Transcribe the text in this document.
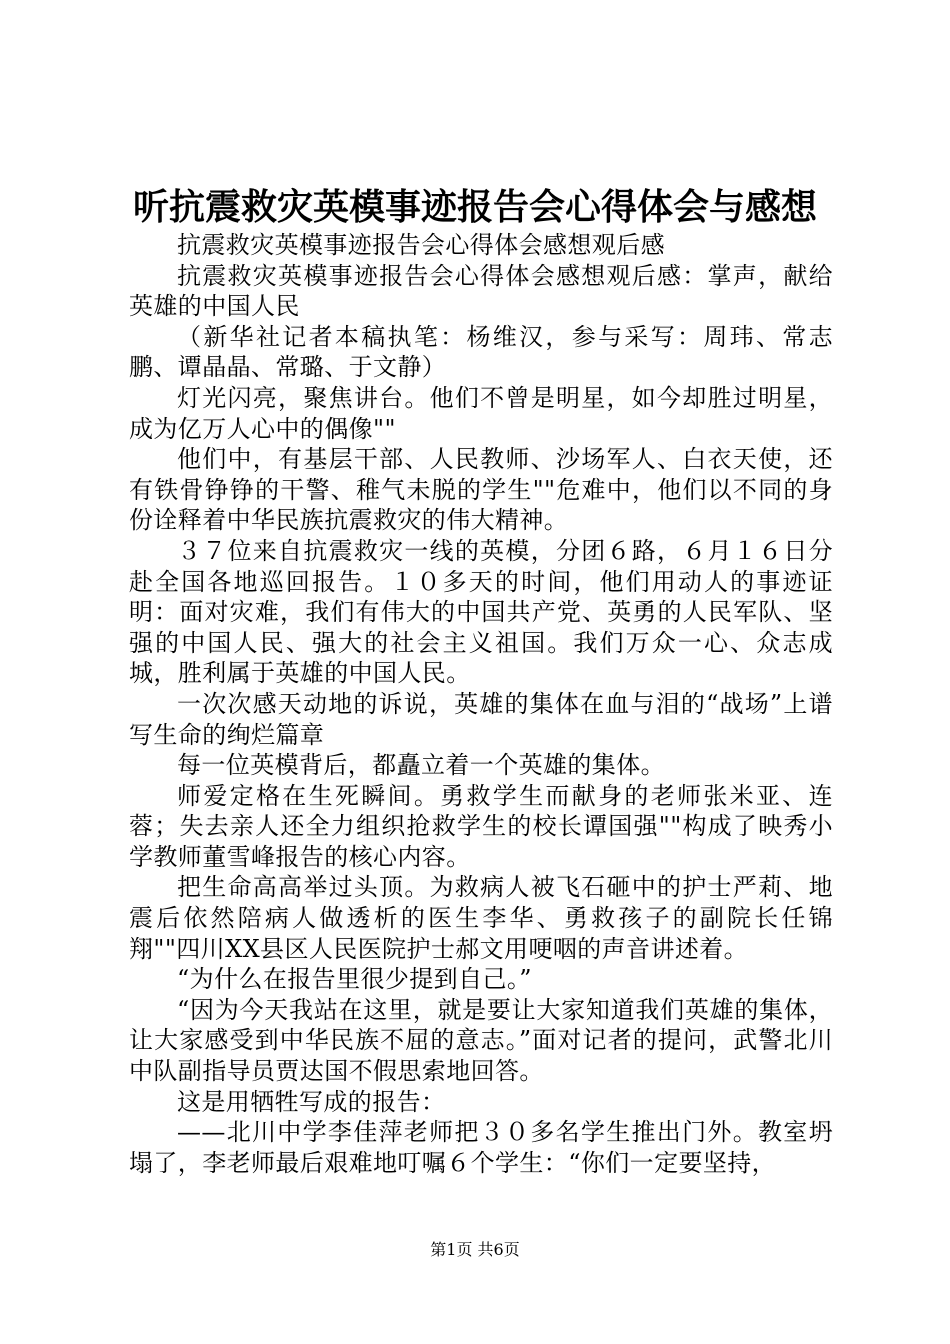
听抗震救灾英模事迹报告会心得体会与感想

抗震救灾英模事迹报告会心得体会感想观后感

抗震救灾英模事迹报告会心得体会感想观后感：掌声，献给英雄的中国人民

（新华社记者本稿执笔：杨维汉，参与采写：周玮、常志鹏、谭晶晶、常璐、于文静）

灯光闪亮，聚焦讲台。他们不曾是明星，如今却胜过明星，成为亿万人心中的偶像""

他们中，有基层干部、人民教师、沙场军人、白衣天使，还有铁骨铮铮的干警、稚气未脱的学生""危难中，他们以不同的身份诠释着中华民族抗震救灾的伟大精神。

３７位来自抗震救灾一线的英模，分团６路，６月１６日分赴全国各地巡回报告。１０多天的时间，他们用动人的事迹证明：面对灾难，我们有伟大的中国共产党、英勇的人民军队、坚强的中国人民、强大的社会主义祖国。我们万众一心、众志成城，胜利属于英雄的中国人民。

一次次感天动地的诉说，英雄的集体在血与泪的“战场”上谱写生命的绚烂篇章

每一位英模背后，都矗立着一个英雄的集体。

师爱定格在生死瞬间。勇救学生而献身的老师张米亚、连蓉；失去亲人还全力组织抢救学生的校长谭国强""构成了映秀小学教师董雪峰报告的核心内容。

把生命高高举过头顶。为救病人被飞石砸中的护士严莉、地震后依然陪病人做透析的医生李华、勇救孩子的副院长任锦翔""四川XX县区人民医院护士郝文用哽咽的声音讲述着。

“为什么在报告里很少提到自己。”

“因为今天我站在这里，就是要让大家知道我们英雄的集体，让大家感受到中华民族不屈的意志。”面对记者的提问，武警北川中队副指导员贾达国不假思索地回答。

这是用牺牲写成的报告：

——北川中学李佳萍老师把３０多名学生推出门外。教室坍塌了，李老师最后艰难地叮嘱６个学生：“你们一定要坚持，

第1页 共6页
